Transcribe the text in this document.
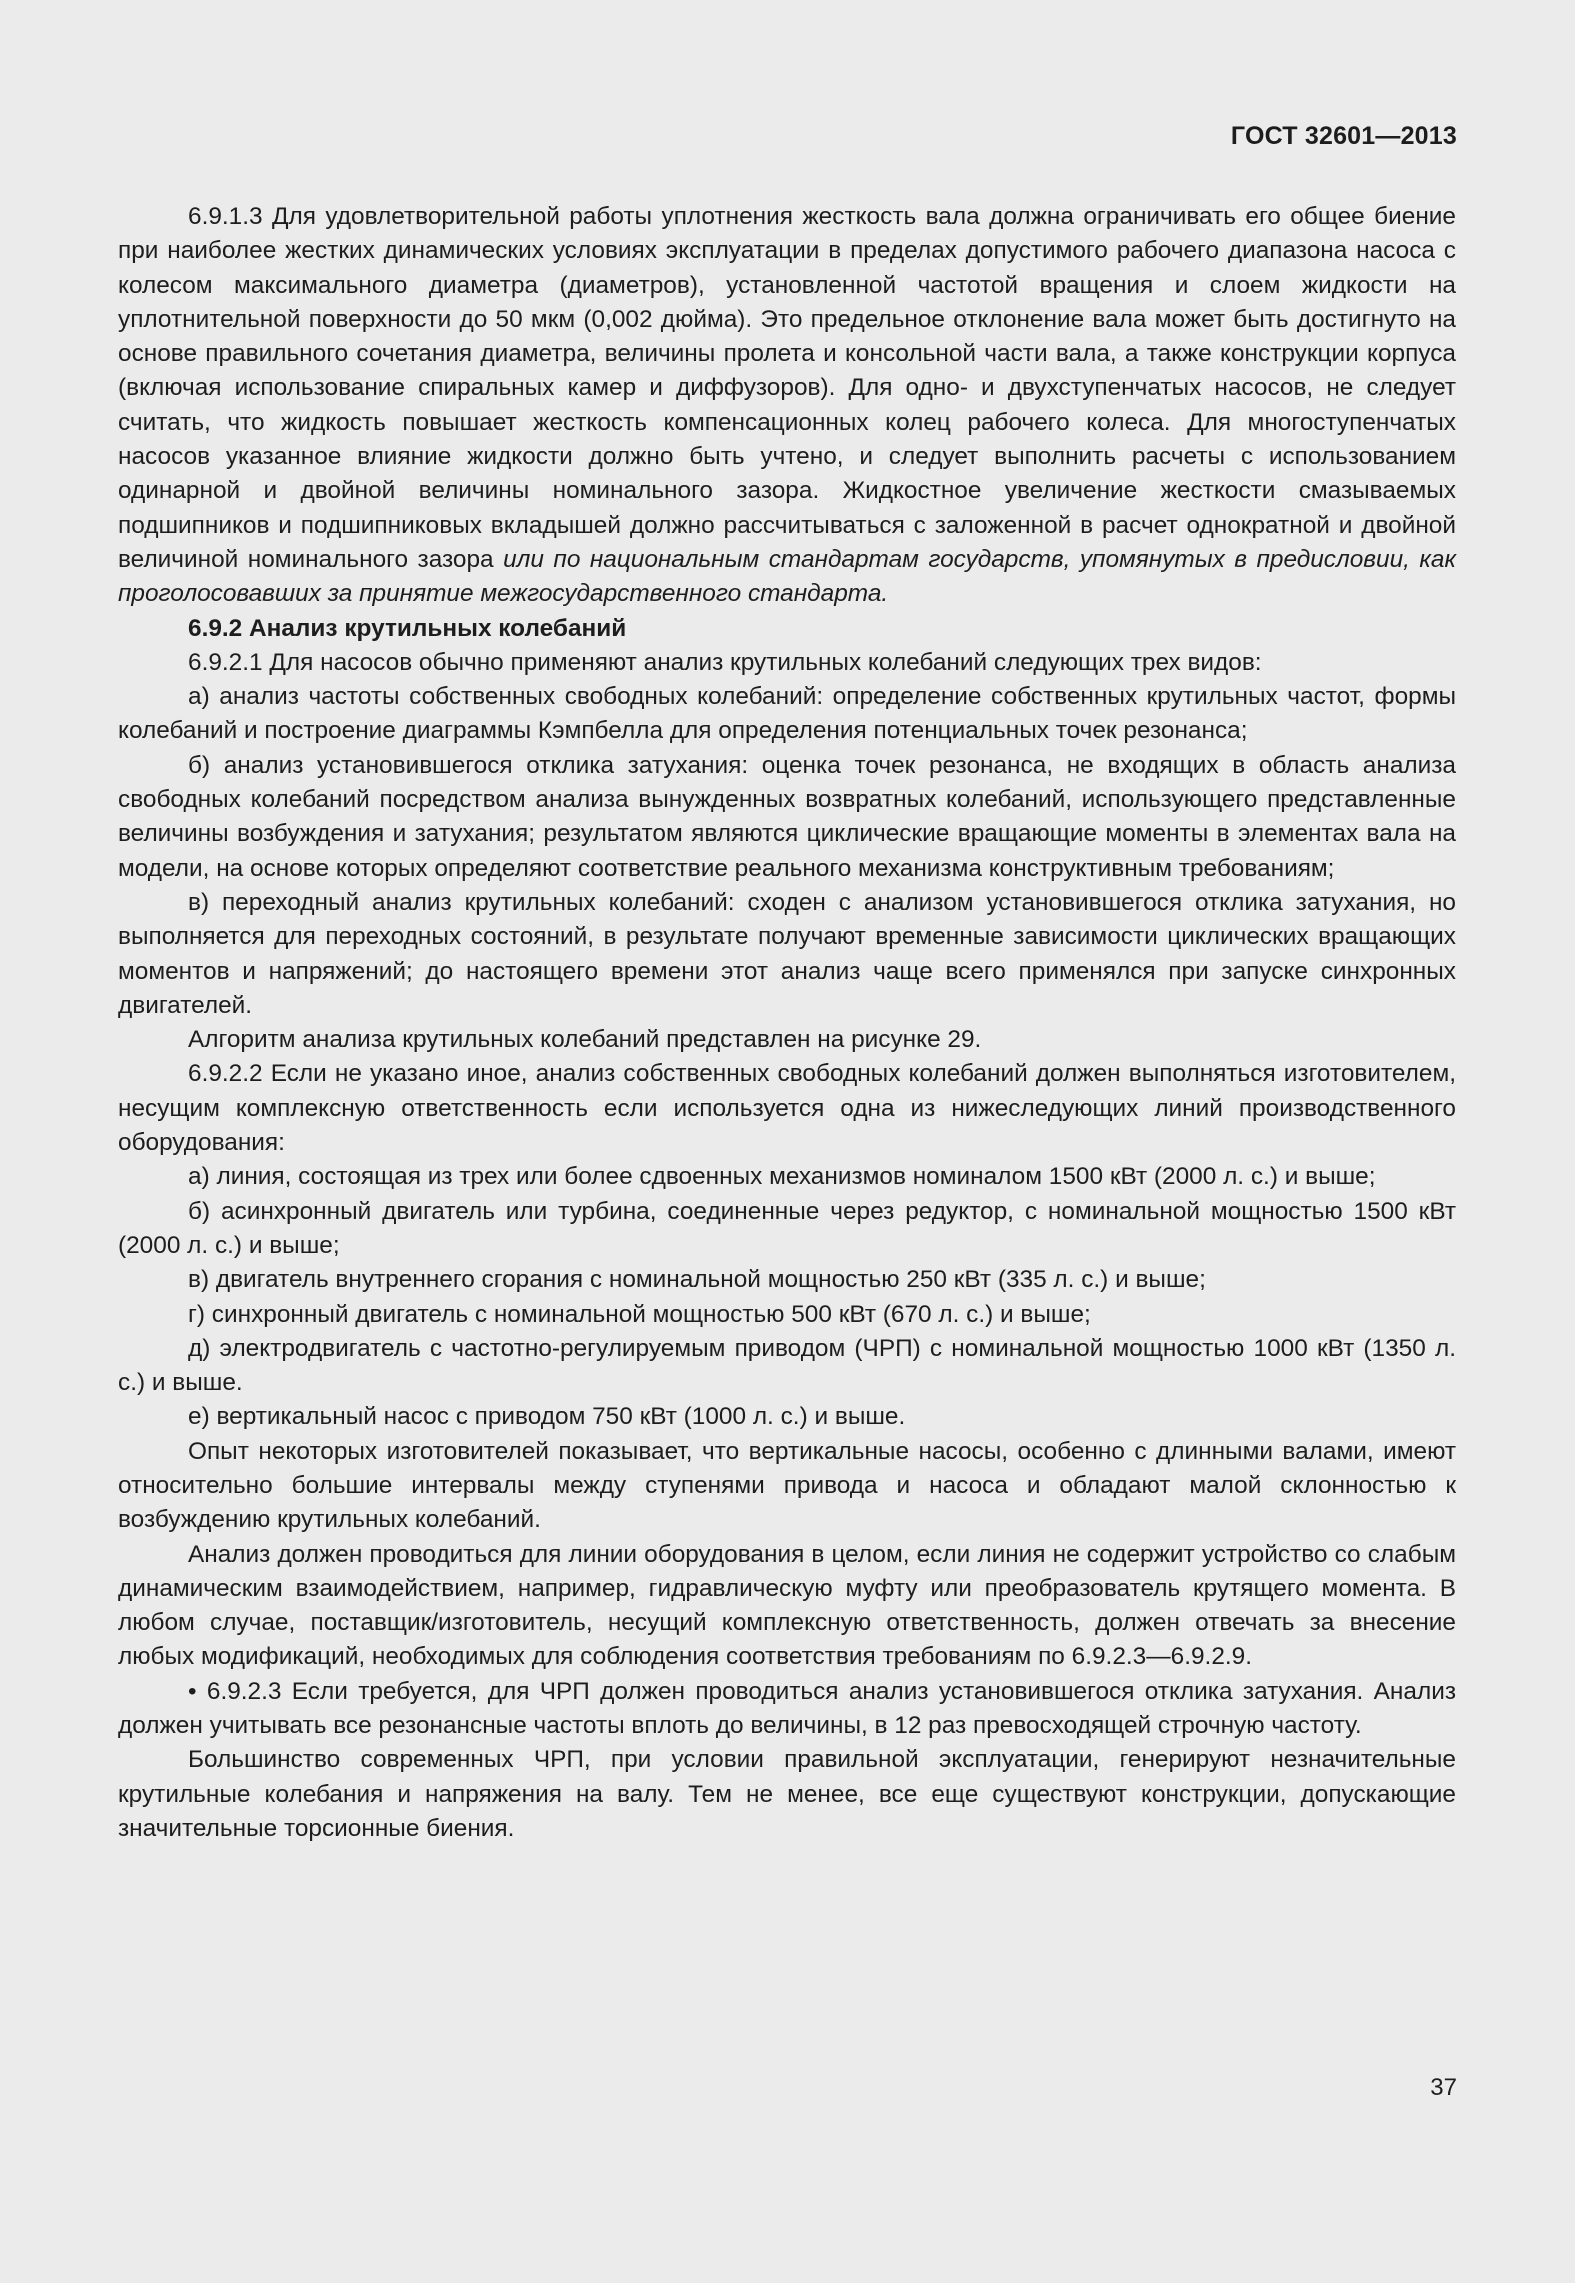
ГОСТ 32601—2013

6.9.1.3 Для удовлетворительной работы уплотнения жесткость вала должна ограничивать его общее биение при наиболее жестких динамических условиях эксплуатации в пределах допустимого рабочего диапазона насоса с колесом максимального диаметра (диаметров), установленной частотой вращения и слоем жидкости на уплотнительной поверхности до 50 мкм (0,002 дюйма). Это предельное отклонение вала может быть достигнуто на основе правильного сочетания диаметра, величины пролета и консольной части вала, а также конструкции корпуса (включая использование спиральных камер и диффузоров). Для одно- и двухступенчатых насосов, не следует считать, что жидкость повышает жесткость компенсационных колец рабочего колеса. Для многоступенчатых насосов указанное влияние жидкости должно быть учтено, и следует выполнить расчеты с использованием одинарной и двойной величины номинального зазора. Жидкостное увеличение жесткости смазываемых подшипников и подшипниковых вкладышей должно рассчитываться с заложенной в расчет однократной и двойной величиной номинального зазора или по национальным стандартам государств, упомянутых в предисловии, как проголосовавших за принятие межгосударственного стандарта.

6.9.2 Анализ крутильных колебаний

6.9.2.1 Для насосов обычно применяют анализ крутильных колебаний следующих трех видов:

а) анализ частоты собственных свободных колебаний: определение собственных крутильных частот, формы колебаний и построение диаграммы Кэмпбелла для определения потенциальных точек резонанса;

б) анализ установившегося отклика затухания: оценка точек резонанса, не входящих в область анализа свободных колебаний посредством анализа вынужденных возвратных колебаний, использующего представленные величины возбуждения и затухания; результатом являются циклические вращающие моменты в элементах вала на модели, на основе которых определяют соответствие реального механизма конструктивным требованиям;

в) переходный анализ крутильных колебаний: сходен с анализом установившегося отклика затухания, но выполняется для переходных состояний, в результате получают временные зависимости циклических вращающих моментов и напряжений; до настоящего времени этот анализ чаще всего применялся при запуске синхронных двигателей.

Алгоритм анализа крутильных колебаний представлен на рисунке 29.

6.9.2.2 Если не указано иное, анализ собственных свободных колебаний должен выполняться изготовителем, несущим комплексную ответственность если используется одна из нижеследующих линий производственного оборудования:

а) линия, состоящая из трех или более сдвоенных механизмов номиналом 1500 кВт (2000 л. с.) и выше;

б) асинхронный двигатель или турбина, соединенные через редуктор, с номинальной мощностью 1500 кВт (2000 л. с.) и выше;

в) двигатель внутреннего сгорания с номинальной мощностью 250 кВт (335 л. с.) и выше;

г) синхронный двигатель с номинальной мощностью 500 кВт (670 л. с.) и выше;

д) электродвигатель с частотно-регулируемым приводом (ЧРП) с номинальной мощностью 1000 кВт (1350 л. с.) и выше.

е) вертикальный насос с приводом 750 кВт (1000 л. с.) и выше.

Опыт некоторых изготовителей показывает, что вертикальные насосы, особенно с длинными валами, имеют относительно большие интервалы между ступенями привода и насоса и обладают малой склонностью к возбуждению крутильных колебаний.

Анализ должен проводиться для линии оборудования в целом, если линия не содержит устройство со слабым динамическим взаимодействием, например, гидравлическую муфту или преобразователь крутящего момента. В любом случае, поставщик/изготовитель, несущий комплексную ответственность, должен отвечать за внесение любых модификаций, необходимых для соблюдения соответствия требованиям по 6.9.2.3—6.9.2.9.

• 6.9.2.3 Если требуется, для ЧРП должен проводиться анализ установившегося отклика затухания. Анализ должен учитывать все резонансные частоты вплоть до величины, в 12 раз превосходящей строчную частоту.

Большинство современных ЧРП, при условии правильной эксплуатации, генерируют незначительные крутильные колебания и напряжения на валу. Тем не менее, все еще существуют конструкции, допускающие значительные торсионные биения.

37
